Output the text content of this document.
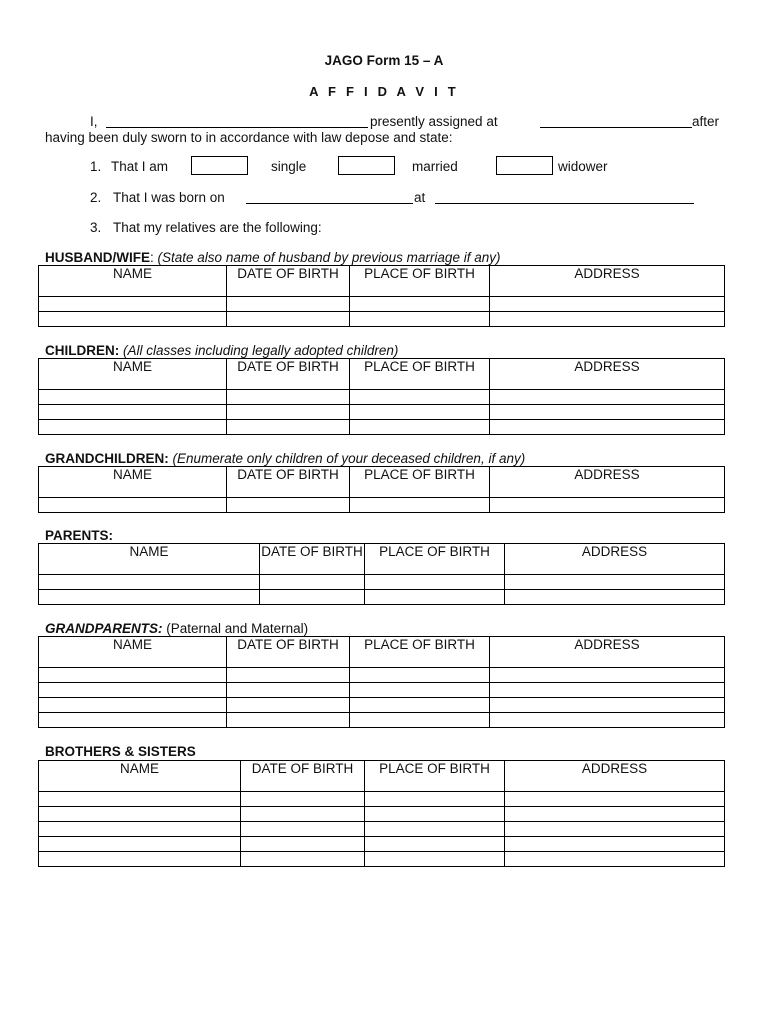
JAGO Form 15 – A
A F F I D A V I T
I,	presently assigned at	after
having been duly sworn to in accordance with law depose and state:
1. That I am	single	married	widower
2. That I was born on	at
3. That my relatives are the following:
HUSBAND/WIFE: (State also name of husband by previous marriage if any)
NAME	DATE OF BIRTH	PLACE OF BIRTH	ADDRESS

CHILDREN: (All classes including legally adopted children)
NAME	DATE OF BIRTH	PLACE OF BIRTH	ADDRESS

GRANDCHILDREN: (Enumerate only children of your deceased children, if any)
NAME	DATE OF BIRTH	PLACE OF BIRTH	ADDRESS

PARENTS:
NAME	DATE OF BIRTH	PLACE OF BIRTH	ADDRESS

GRANDPARENTS: (Paternal and Maternal)
NAME	DATE OF BIRTH	PLACE OF BIRTH	ADDRESS

BROTHERS & SISTERS
NAME	DATE OF BIRTH	PLACE OF BIRTH	ADDRESS
